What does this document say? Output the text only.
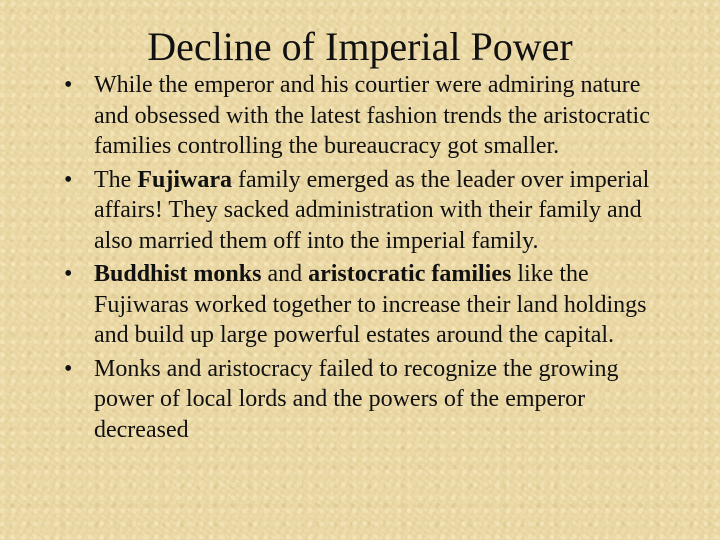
Decline of Imperial Power
• While the emperor and his courtier were admiring nature and obsessed with the latest fashion trends the aristocratic families controlling the bureaucracy got smaller.
• The Fujiwara family emerged as the leader over imperial affairs! They sacked administration with their family and also married them off into the imperial family.
• Buddhist monks and aristocratic families like the Fujiwaras worked together to increase their land holdings and build up large powerful estates around the capital.
• Monks and aristocracy failed to recognize the growing power of local lords and the powers of the emperor decreased
